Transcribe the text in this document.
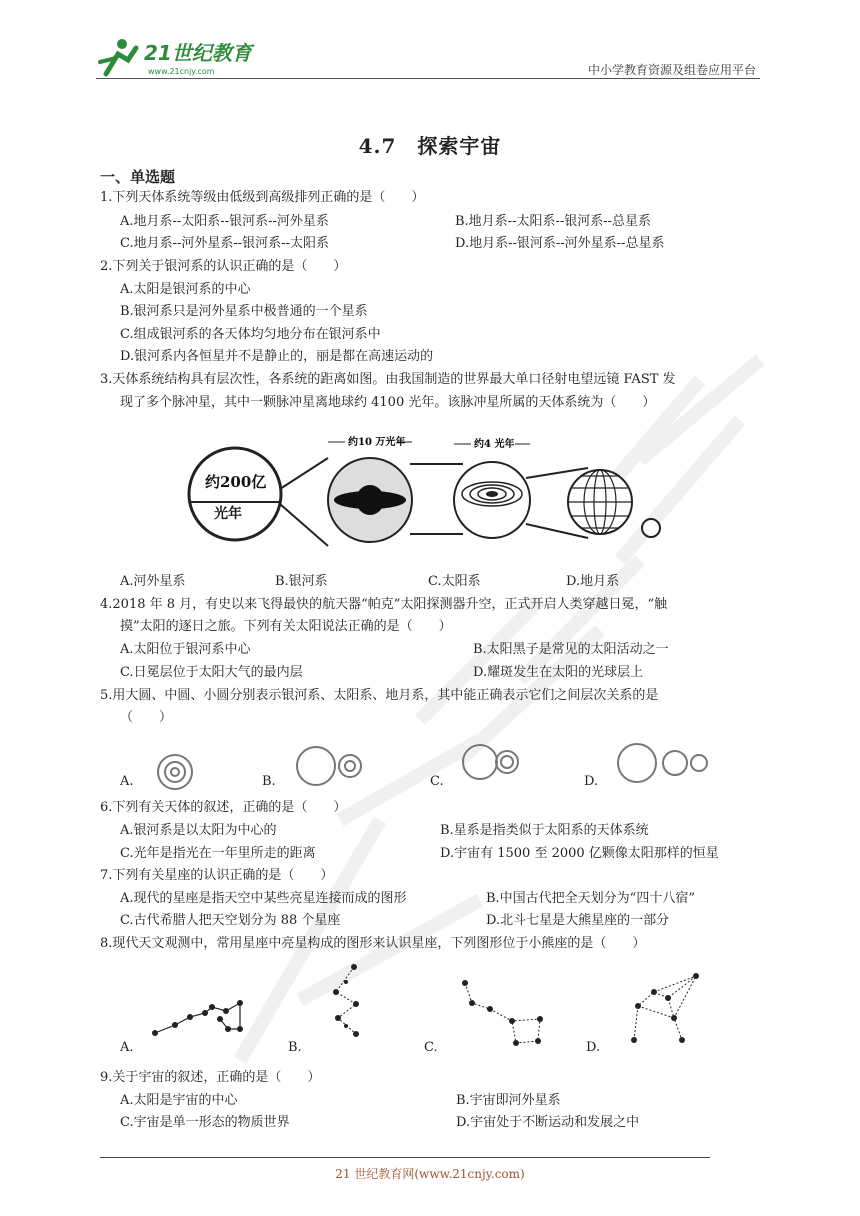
21世纪教育
www.21cnjy.com	中小学教育资源及组卷应用平台
4.7　探索宇宙
一、单选题
1.下列天体系统等级由低级到高级排列正确的是（　　）
A.地月系--太阳系--银河系--河外星系	B.地月系--太阳系--银河系--总星系
C.地月系--河外星系--银河系--太阳系	D.地月系--银河系--河外星系--总星系
2.下列关于银河系的认识正确的是（　　）
A.太阳是银河系的中心
B.银河系只是河外星系中极普通的一个星系
C.组成银河系的各天体均匀地分布在银河系中
D.银河系内各恒星并不是静止的，丽是都在高速运动的
3.天体系统结构具有层次性，各系统的距离如图。由我国制造的世界最大单口径射电望远镜 FAST 发
现了多个脉冲星，其中一颗脉冲星离地球约 4100 光年。该脉冲星所属的天体系统为（　　）
约200亿
光年
约10 万光年	约4 光年
A.河外星系	B.银河系	C.太阳系	D.地月系
4.2018 年 8 月，有史以来飞得最快的航天器“帕克”太阳探测器升空，正式开启人类穿越日冕，“触
摸”太阳的逐日之旅。下列有关太阳说法正确的是（　　）
A.太阳位于银河系中心	B.太阳黑子是常见的太阳活动之一
C.日冕层位于太阳大气的最内层	D.耀斑发生在太阳的光球层上
5.用大圆、中圆、小圆分别表示银河系、太阳系、地月系，其中能正确表示它们之间层次关系的是
（　　）
A.	B.	C.	D.
6.下列有关天体的叙述，正确的是（　　）
A.银河系是以太阳为中心的	B.星系是指类似于太阳系的天体系统
C.光年是指光在一年里所走的距离	D.宇宙有 1500 至 2000 亿颗像太阳那样的恒星
7.下列有关星座的认识正确的是（　　）
A.现代的星座是指天空中某些亮星连接而成的图形	B.中国古代把全天划分为“四十八宿”
C.古代希腊人把天空划分为 88 个星座	D.北斗七星是大熊星座的一部分
8.现代天文观测中，常用星座中亮星构成的图形来认识星座，下列图形位于小熊座的是（　　）
A.	B.	C.	D.
9.关于宇宙的叙述，正确的是（　　）
A.太阳是宇宙的中心	B.宇宙即河外星系
C.宇宙是单一形态的物质世界	D.宇宙处于不断运动和发展之中
21 世纪教育网(www.21cnjy.com)
